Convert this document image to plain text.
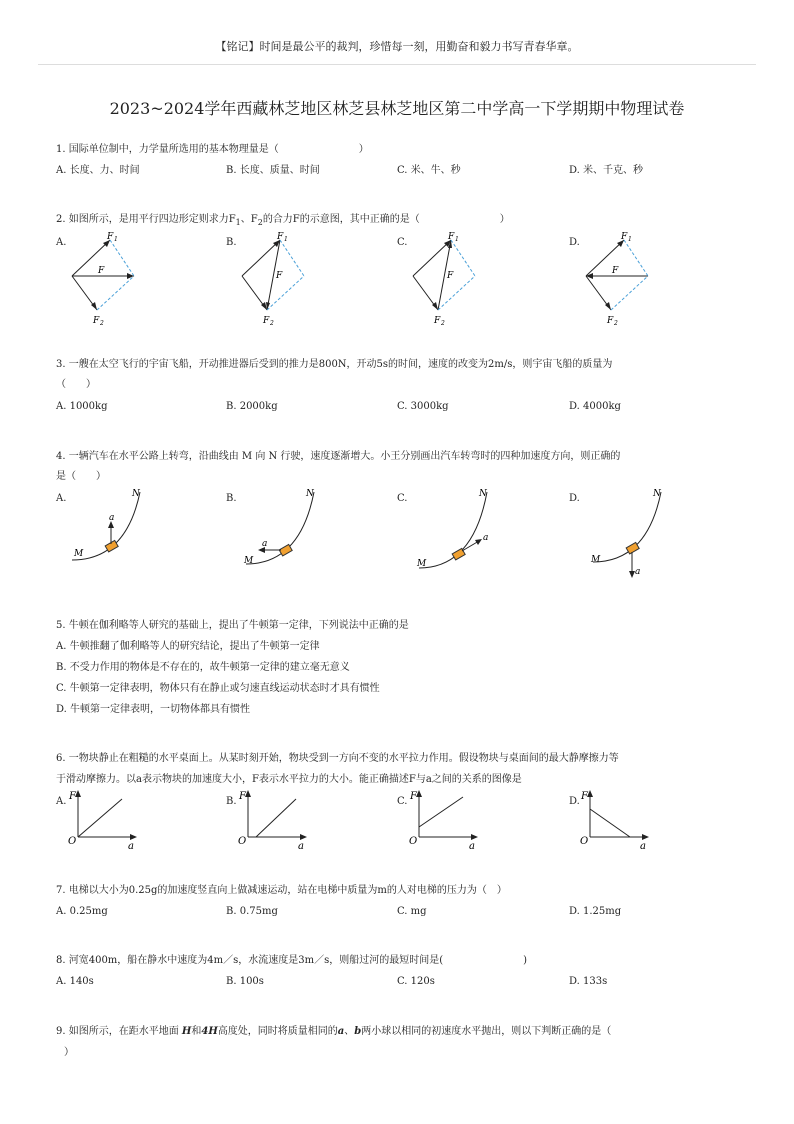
【铭记】时间是最公平的裁判，珍惜每一刻，用勤奋和毅力书写青春华章。
2023~2024学年西藏林芝地区林芝县林芝地区第二中学高一下学期期中物理试卷
1. 国际单位制中，力学量所选用的基本物理量是（　　　　　　　　）
A. 长度、力、时间	B. 长度、质量、时间	C. 米、牛、秒	D. 米、千克、秒
2. 如图所示，是用平行四边形定则求力$F_1$、$F_2$的合力F的示意图，其中正确的是（　　　　　　　　）
A.	B.	C.	D.
F 1
F
F 2
F 1
F
F 2
F 1
F
F 2
F 1
F
F 2
3. 一艘在太空飞行的宇宙飞船，开动推进器后受到的推力是800N，开动5s的时间，速度的改变为2m/s，则宇宙飞船的质量为
（　　）
A. 1000kg	B. 2000kg	C. 3000kg	D. 4000kg
4. 一辆汽车在水平公路上转弯，沿曲线由 M 向 N 行驶，速度逐渐增大。小王分别画出汽车转弯时的四种加速度方向，则正确的
是（　　）
A.	B.	C.	D.
a
M
N
a
M
N
a
M
N
a
M
N
5. 牛顿在伽利略等人研究的基础上，提出了牛顿第一定律，下列说法中正确的是
A. 牛顿推翻了伽利略等人的研究结论，提出了牛顿第一定律
B. 不受力作用的物体是不存在的，故牛顿第一定律的建立毫无意义
C. 牛顿第一定律表明，物体只有在静止或匀速直线运动状态时才具有惯性
D. 牛顿第一定律表明，一切物体都具有惯性
6. 一物块静止在粗糙的水平桌面上。从某时刻开始，物块受到一方向不变的水平拉力作用。假设物块与桌面间的最大静摩擦力等
于滑动摩擦力。以a表示物块的加速度大小，F表示水平拉力的大小。能正确描述F与a之间的关系的图像是
A.	B.	C.	D.
F
O	a
F
O	a
F
O	a
F
O	a
7. 电梯以大小为0.25g的加速度竖直向上做减速运动，站在电梯中质量为m的人对电梯的压力为（　）
A. 0.25mg	B. 0.75mg	C. mg	D. 1.25mg
8. 河宽400m，船在静水中速度为4m／s，水流速度是3m／s，则船过河的最短时间是(　　　　　　　　)
A. 140s	B. 100s	C. 120s	D. 133s
9. 如图所示，在距水平地面 H和4H高度处，同时将质量相同的a、b两小球以相同的初速度水平抛出，则以下判断正确的是（
）
